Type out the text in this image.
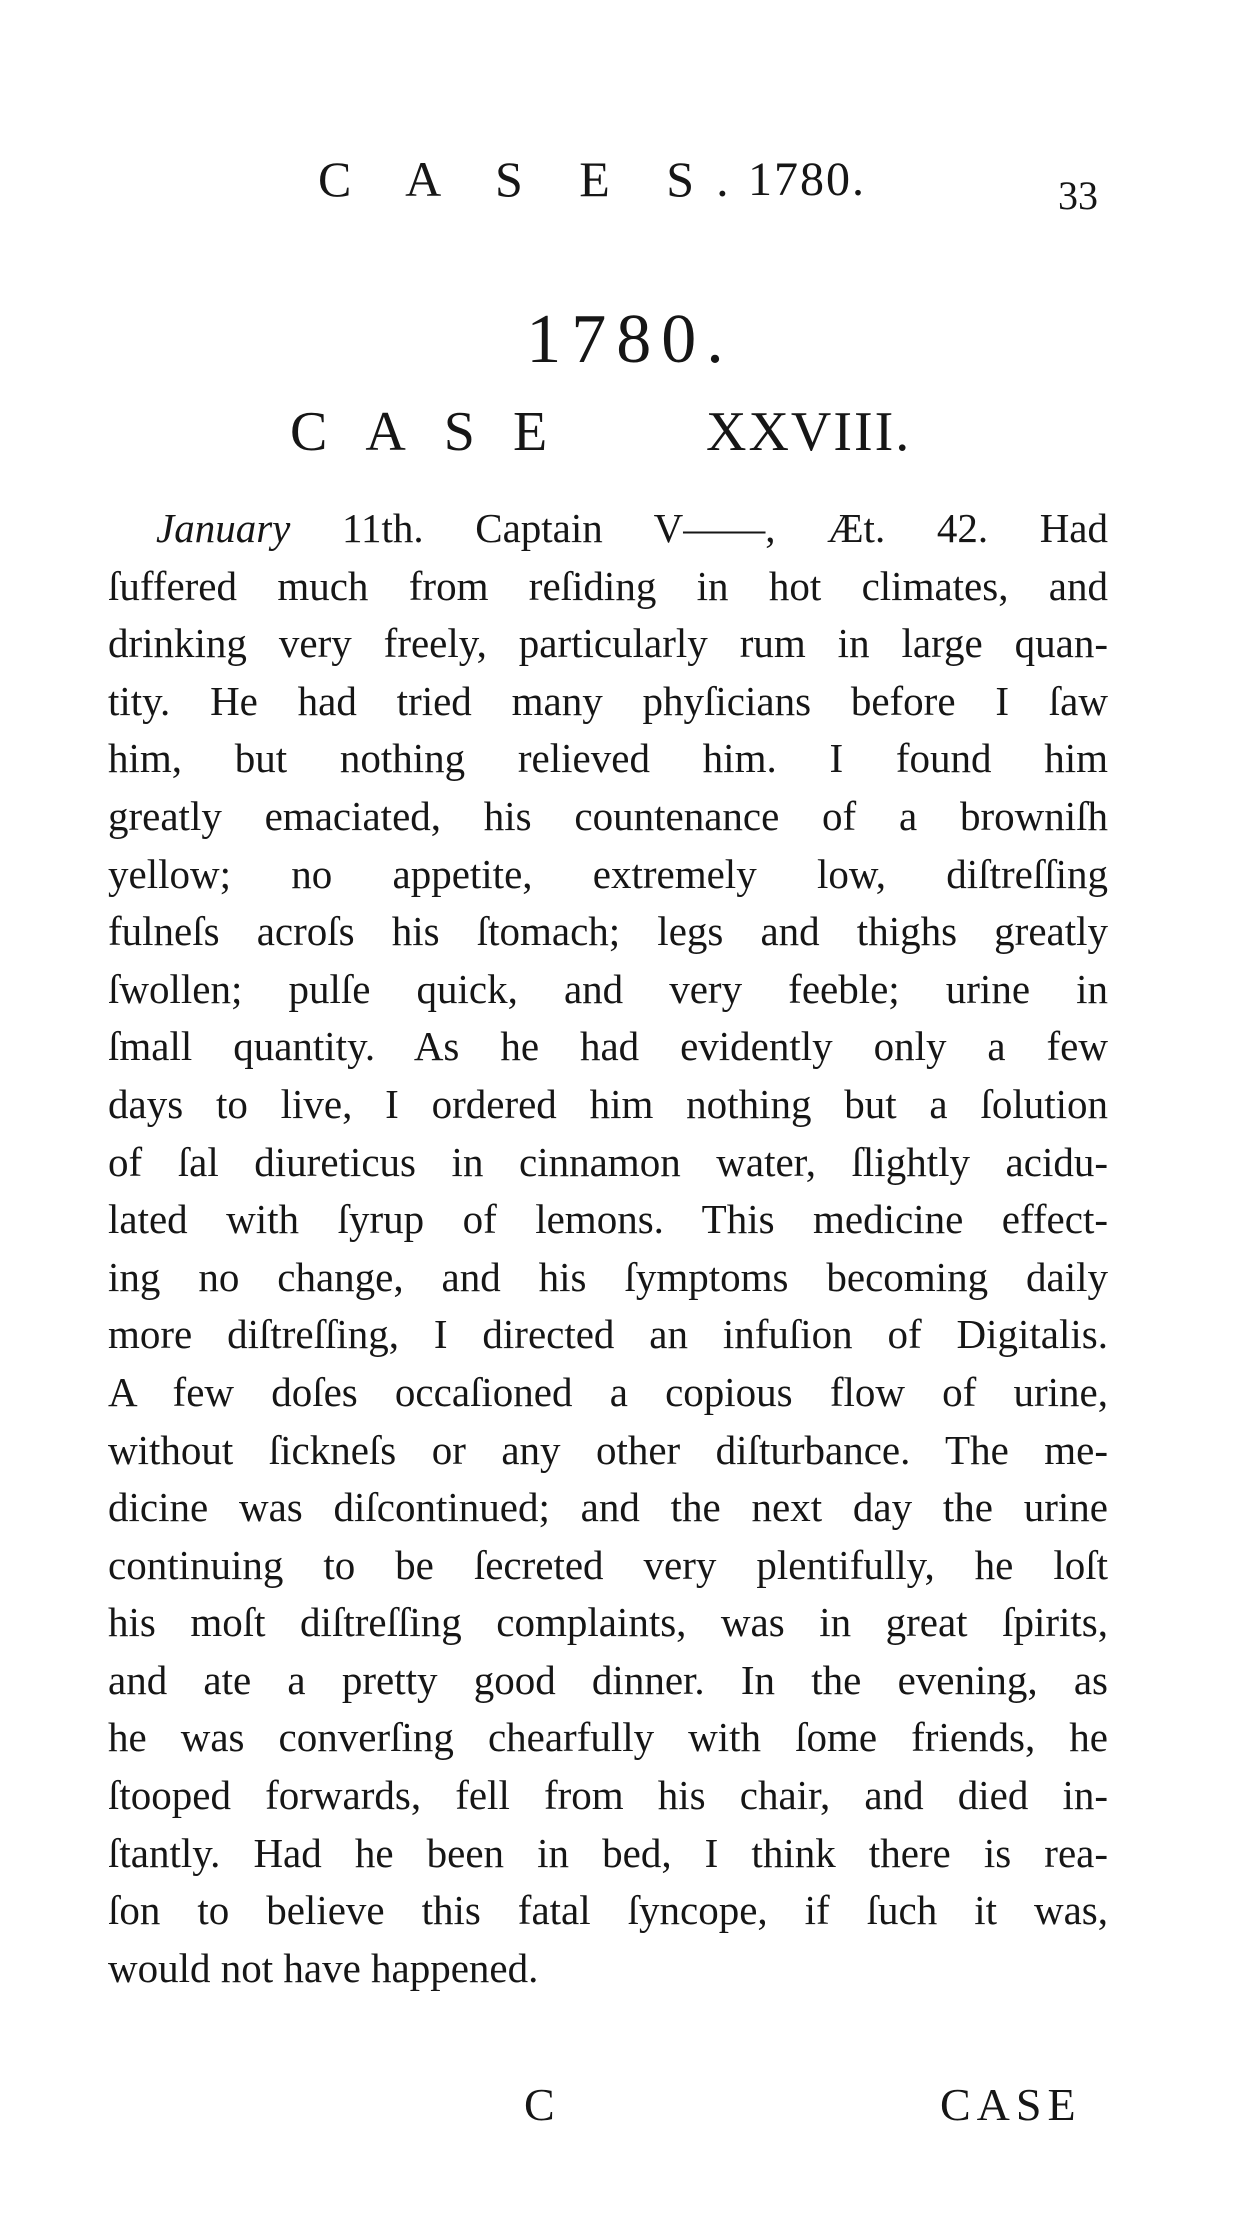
C A S E S.
1780.	33
1780.
CASE XXVIII.
January 11th. Captain V——, Æt. 42. Had
ſuffered much from reſiding in hot climates, and
drinking very freely, particularly rum in large quan-
tity. He had tried many phyſicians before I ſaw
him, but nothing relieved him. I found him
greatly emaciated, his countenance of a browniſh
yellow; no appetite, extremely low, diſtreſſing
fulneſs acroſs his ſtomach; legs and thighs greatly
ſwollen; pulſe quick, and very feeble; urine in
ſmall quantity. As he had evidently only a few
days to live, I ordered him nothing but a ſolution
of ſal diureticus in cinnamon water, ſlightly acidu-
lated with ſyrup of lemons. This medicine effect-
ing no change, and his ſymptoms becoming daily
more diſtreſſing, I directed an infuſion of Digitalis.
A few doſes occaſioned a copious flow of urine,
without ſickneſs or any other diſturbance. The me-
dicine was diſcontinued; and the next day the urine
continuing to be ſecreted very plentifully, he loſt
his moſt diſtreſſing complaints, was in great ſpirits,
and ate a pretty good dinner. In the evening, as
he was converſing chearfully with ſome friends, he
ſtooped forwards, fell from his chair, and died in-
ſtantly. Had he been in bed, I think there is rea-
ſon to believe this fatal ſyncope, if ſuch it was,
would not have happened.
C	CASE
